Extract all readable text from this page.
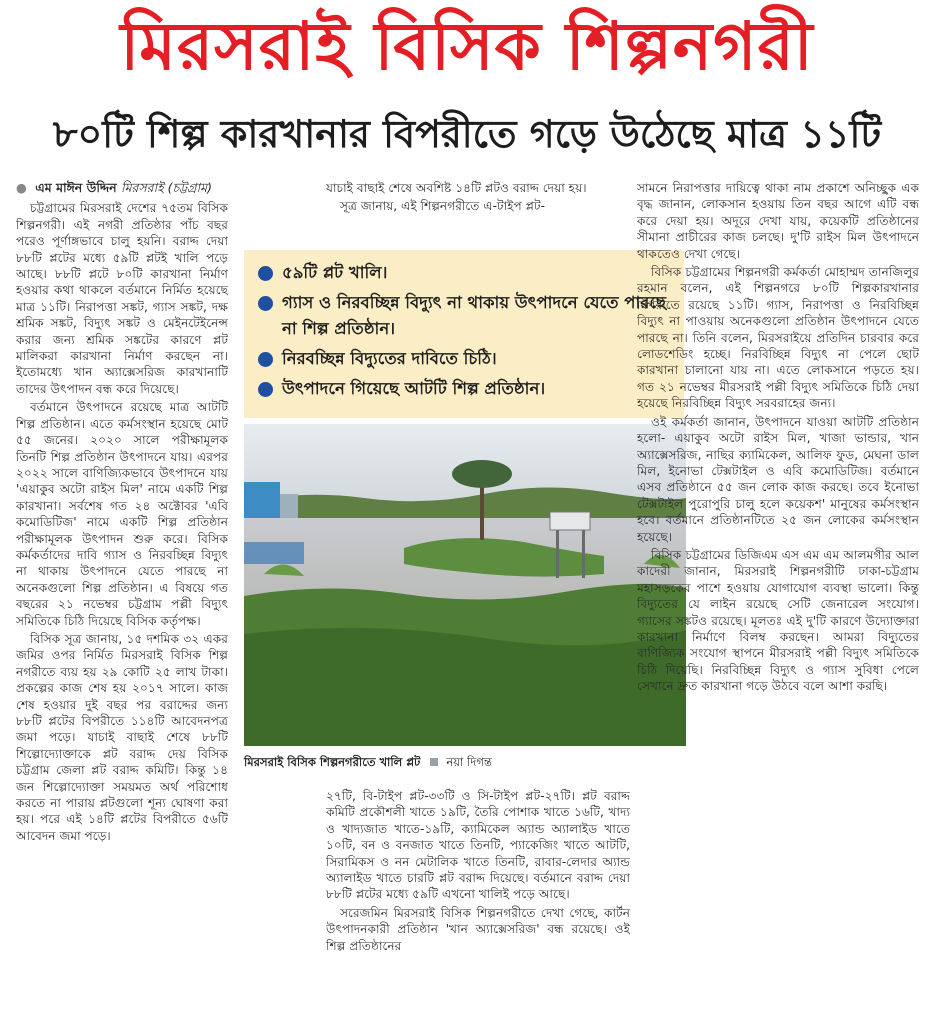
মিরসরাই বিসিক শিল্পনগরী
৮০টি শিল্প কারখানার বিপরীতে গড়ে উঠেছে মাত্র ১১টি
● এম মাঈন উদ্দিন মিরসরাই (চট্টগ্রাম)

চট্টগ্রামের মিরসরাই দেশের ৭৫তম বিসিক শিল্পনগরী। এই নগরী প্রতিষ্ঠার পাঁচ বছর পরেও পূর্ণাঙ্গভাবে চালু হয়নি। বরাদ্দ দেয়া ৮৮টি প্লটের মধ্যে ৫৯টি প্লটই খালি পড়ে আছে। ৮৮টি প্লটে ৮০টি কারখানা নির্মাণ হওয়ার কথা থাকলে বর্তমানে নির্মিত হয়েছে মাত্র ১১টি। নিরাপত্তা সঙ্কট, গ্যাস সঙ্কট, দক্ষ শ্রমিক সঙ্কট, বিদ্যুৎ সঙ্কট ও মেইনটেইনেন্স করার জন্য শ্রমিক সঙ্কটের কারণে প্লট মালিকরা কারখানা নির্মাণ করছেন না। ইতোমধ্যে খান অ্যাক্সেসরিজ কারখানাটি তাদের উৎপাদন বন্ধ করে দিয়েছে।

বর্তমানে উৎপাদনে রয়েছে মাত্র আটটি শিল্প প্রতিষ্ঠান। এতে কর্মসংস্থান হয়েছে মোট ৫৫ জনের। ২০২০ সালে পরীক্ষামূলক তিনটি শিল্প প্রতিষ্ঠান উৎপাদনে যায়। এরপর ২০২২ সালে বাণিজ্যিকভাবে উৎপাদনে যায় 'এয়াকুব অটো রাইস মিল' নামে একটি শিল্প কারখানা। সর্বশেষ গত ২৪ অক্টোবর 'এবি কমোডিটিজ' নামে একটি শিল্প প্রতিষ্ঠান পরীক্ষামূলক উৎপাদন শুরু করে। বিসিক কর্মকর্তাদের দাবি গ্যাস ও নিরবচ্ছিন্ন বিদ্যুৎ না থাকায় উৎপাদনে যেতে পারছে না অনেকগুলো শিল্প প্রতিষ্ঠান। এ বিষয়ে গত বছরের ২১ নভেম্বর চট্টগ্রাম পল্লী বিদ্যুৎ সমিতিকে চিঠি দিয়েছে বিসিক কর্তৃপক্ষ।

বিসিক সূত্র জানায়, ১৫ দশমিক ৩২ একর জমির ওপর নির্মিত মিরসরাই বিসিক শিল্প নগরীতে ব্যয় হয় ২৯ কোটি ২৫ লাখ টাকা। প্রকল্পের কাজ শেষ হয় ২০১৭ সালে। কাজ শেষ হওয়ার দুই বছর পর বরাদ্দের জন্য ৮৮টি প্লটের বিপরীতে ১১৪টি আবেদনপত্র জমা পড়ে। যাচাই বাছাই শেষে ৮৮টি শিল্পোদ্যোক্তাকে প্লট বরাদ্দ দেয় বিসিক চট্টগ্রাম জেলা প্লট বরাদ্দ কমিটি। কিন্তু ১৪ জন শিল্পোদ্যোক্তা সময়মত অর্থ পরিশোধ করতে না পারায় প্লটগুলো শূন্য ঘোষণা করা হয়। পরে এই ১৪টি প্লটের বিপরীতে ৫৬টি আবেদন জমা পড়ে।

যাচাই বাছাই শেষে অবশিষ্ট ১৪টি প্লটও বরাদ্দ দেয়া হয়।

সূত্র জানায়, এই শিল্পনগরীতে এ-টাইপ প্লট-

৫৯টি প্লট খালি।
গ্যাস ও নিরবচ্ছিন্ন বিদ্যুৎ না থাকায় উৎপাদনে যেতে পারছে না শিল্প প্রতিষ্ঠান।
নিরবচ্ছিন্ন বিদ্যুতের দাবিতে চিঠি।
উৎপাদনে গিয়েছে আটটি শিল্প প্রতিষ্ঠান।
মিরসরাই বিসিক শিল্পনগরীতে খালি প্লট নয়া দিগন্ত

২৭টি, বি-টাইপ প্লট-৩৩টি ও সি-টাইপ প্লট-২৭টি। প্লট বরাদ্দ কমিটি প্রকৌশলী খাতে ১৯টি, তৈরি পোশাক খাতে ১৬টি, খাদ্য ও খাদ্যজাত খাতে-১৯টি, ক্যামিকেল অ্যান্ড অ্যালাইড খাতে ১০টি, বন ও বনজাত খাতে তিনটি, প্যাকেজিং খাতে আটটি, সিরামিকস ও নন মেটালিক খাতে তিনটি, রাবার-লেদার অ্যান্ড অ্যালাইড খাতে চারটি প্লট বরাদ্দ দিয়েছে। বর্তমানে বরাদ্দ দেয়া ৮৮টি প্লটের মধ্যে ৫৯টি এখনো খালিই পড়ে আছে।

সরেজমিন মিরসরাই বিসিক শিল্পনগরীতে দেখা গেছে, কার্টন উৎপাদনকারী প্রতিষ্ঠান 'খান অ্যাক্সেসরিজ' বন্ধ রয়েছে। ওই শিল্প প্রতিষ্ঠানের

সামনে নিরাপত্তার দায়িত্বে থাকা নাম প্রকাশে অনিচ্ছুক এক বৃদ্ধ জানান, লোকসান হওয়ায় তিন বছর আগে এটি বন্ধ করে দেয়া হয়। অদূরে দেখা যায়, কয়েকটি প্রতিষ্ঠানের সীমানা প্রাচীরের কাজ চলছে। দু'টি রাইস মিল উৎপাদনে থাকতেও দেখা গেছে।

বিসিক চট্টগ্রামের শিল্পনগরী কর্মকর্তা মোহাম্মদ তানজিলুর রহমান বলেন, এই শিল্পনগরে ৮০টি শিল্পকারখানার বিপরীতে রয়েছে ১১টি। গ্যাস, নিরাপত্তা ও নিরবিচ্ছিন্ন বিদ্যুৎ না পাওয়ায় অনেকগুলো প্রতিষ্ঠান উৎপাদনে যেতে পারছে না। তিনি বলেন, মিরসরাইয়ে প্রতিদিন চারবার করে লোডশেডিং হচ্ছে। নিরবিচ্ছিন্ন বিদ্যুৎ না পেলে ছোট কারখানা চালানো যায় না। এতে লোকসানে পড়তে হয়। গত ২১ নভেম্বর মীরসরাই পল্লী বিদ্যুৎ সমিতিকে চিঠি দেয়া হয়েছে নিরবিচ্ছিন্ন বিদ্যুৎ সরবরাহের জন্য।

ওই কর্মকর্তা জানান, উৎপাদনে যাওয়া আটটি প্রতিষ্ঠান হলো- এয়াকুব অটো রাইস মিল, খাজা ভান্ডার, খান অ্যাক্সেসরিজ, নাছির ক্যামিকেল, আলিফ ফুড, মেঘনা ডাল মিল, ইনোভা টেক্সটাইল ও এবি কমোডিটিজ। বর্তমানে এসব প্রতিষ্ঠানে ৫৫ জন লোক কাজ করছে। তবে ইনোভা টেক্সটাইল পুরোপুরি চালু হলে কয়েকশ' মানুষের কর্মসংস্থান হবে। বর্তমানে প্রতিষ্ঠানটিতে ২৫ জন লোকের কর্মসংস্থান হয়েছে।

বিসিক চট্টগ্রামের ডিজিএম এস এম এম আলমগীর আল কাদেরী জানান, মিরসরাই শিল্পনগরীটি ঢাকা-চট্টগ্রাম মহাসড়কের পাশে হওয়ায় যোগাযোগ ব্যবস্থা ভালো। কিন্তু বিদ্যুতের যে লাইন রয়েছে সেটি জেনারেল সংযোগ। গ্যাসের সঙ্কটও রয়েছে। মূলতঃ এই দু'টি কারণে উদ্যোক্তারা কারখানা নির্মাণে বিলম্ব করছেন। আমরা বিদ্যুতের বাণিজ্যিক সংযোগ স্থাপনে মীরসরাই পল্লী বিদ্যুৎ সমিতিকে চিঠি দিয়েছি। নিরবিচ্ছিন্ন বিদ্যুৎ ও গ্যাস সুবিধা পেলে সেখানে দ্রুত কারখানা গড়ে উঠবে বলে আশা করছি।
